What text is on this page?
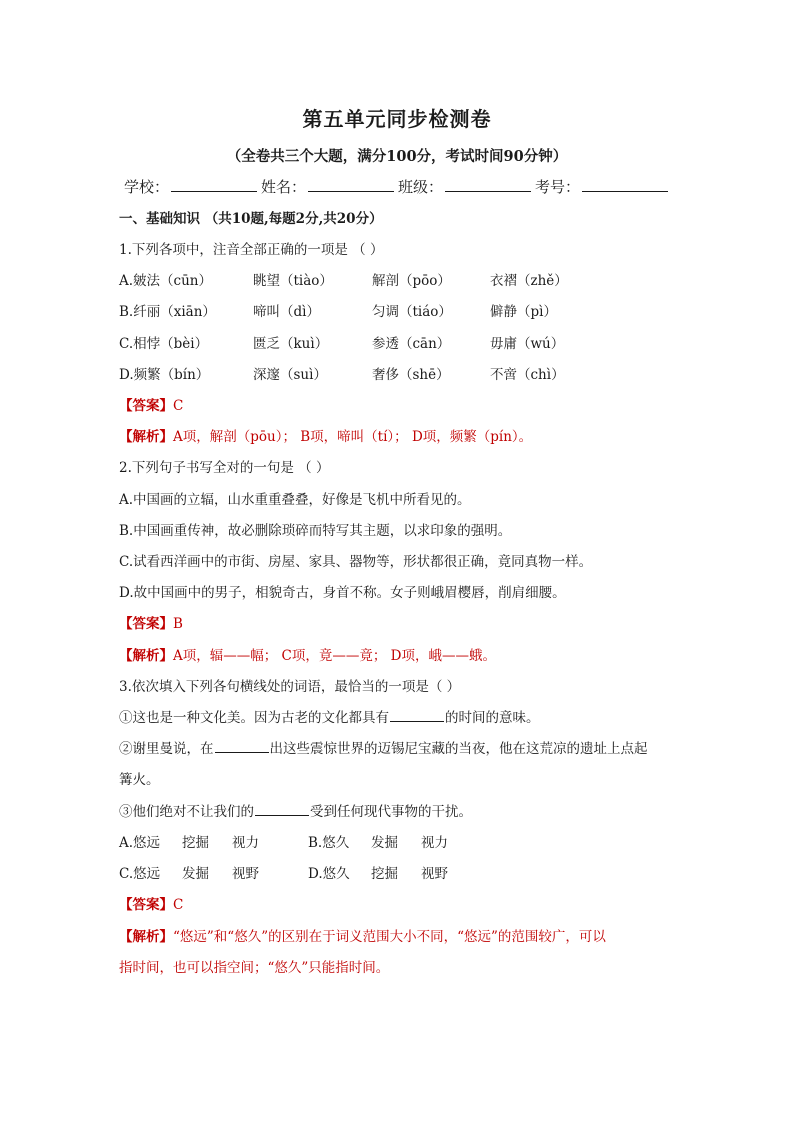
第五单元同步检测卷
（全卷共三个大题，满分100分，考试时间90分钟）
学校：	姓名：	班级：	考号：
一、基础知识 （共10题,每题2分,共20分）
1.下列各项中，注音全部正确的一项是 （ ）
A.皴法（cūn）	眺望（tiào）	解剖（pōo）	衣褶（zhě）
B.纤丽（xiān）	啼叫（dì）	匀调（tiáo）	僻静（pì）
C.相悖（bèi）	匮乏（kuì）	参透（cān）	毋庸（wú）
D.频繁（bín）	深邃（suì）	奢侈（shē）	不啻（chì）
【答案】C
【解析】A项，解剖（pōu）； B项，啼叫（tí）； D项，频繁（pín）。
2.下列句子书写全对的一句是 （ ）
A.中国画的立辐，山水重重叠叠，好像是飞机中所看见的。
B.中国画重传神，故必删除琐碎而特写其主题，以求印象的强明。
C.试看西洋画中的市街、房屋、家具、器物等，形状都很正确，竟同真物一样。
D.故中国画中的男子，相貌奇古，身首不称。女子则峨眉樱唇，削肩细腰。
【答案】B
【解析】A项，辐——幅； C项，竟——竟； D项，峨——蛾。
3.依次填入下列各句横线处的词语，最恰当的一项是（ ）
①这也是一种文化美。因为古老的文化都具有	的时间的意味。
②谢里曼说，在	出这些震惊世界的迈锡尼宝藏的当夜，他在这荒凉的遗址上点起
篝火。
③他们绝对不让我们的	受到任何现代事物的干扰。
A.悠远 挖掘 视力	B.悠久 发掘 视力
C.悠远 发掘 视野	D.悠久 挖掘 视野
【答案】C
【解析】“悠远”和“悠久”的区别在于词义范围大小不同，“悠远”的范围较广，可以
指时间，也可以指空间；“悠久”只能指时间。
